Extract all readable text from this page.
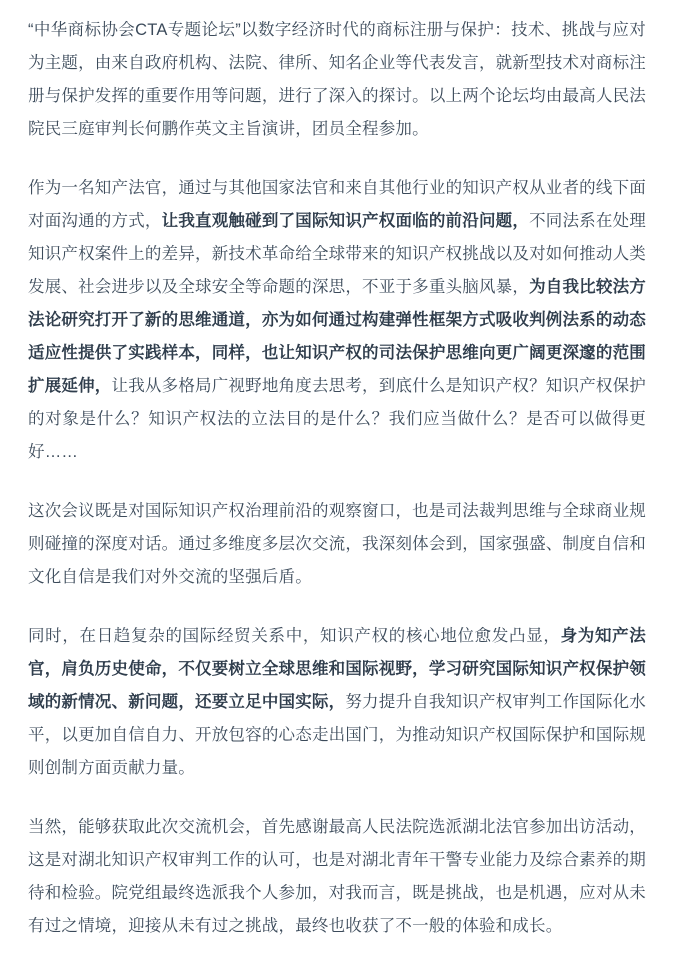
“中华商标协会CTA专题论坛”以数字经济时代的商标注册与保护：技术、挑战与应对为主题，由来自政府机构、法院、律所、知名企业等代表发言，就新型技术对商标注册与保护发挥的重要作用等问题，进行了深入的探讨。以上两个论坛均由最高人民法院民三庭审判长何鹏作英文主旨演讲，团员全程参加。

作为一名知产法官，通过与其他国家法官和来自其他行业的知识产权从业者的线下面对面沟通的方式，让我直观触碰到了国际知识产权面临的前沿问题，不同法系在处理知识产权案件上的差异，新技术革命给全球带来的知识产权挑战以及对如何推动人类发展、社会进步以及全球安全等命题的深思，不亚于多重头脑风暴，为自我比较法方法论研究打开了新的思维通道，亦为如何通过构建弹性框架方式吸收判例法系的动态适应性提供了实践样本，同样，也让知识产权的司法保护思维向更广阔更深邃的范围扩展延伸，让我从多格局广视野地角度去思考，到底什么是知识产权？知识产权保护的对象是什么？知识产权法的立法目的是什么？我们应当做什么？是否可以做得更好……

这次会议既是对国际知识产权治理前沿的观察窗口，也是司法裁判思维与全球商业规则碰撞的深度对话。通过多维度多层次交流，我深刻体会到，国家强盛、制度自信和文化自信是我们对外交流的坚强后盾。

同时，在日趋复杂的国际经贸关系中，知识产权的核心地位愈发凸显，身为知产法官，肩负历史使命，不仅要树立全球思维和国际视野，学习研究国际知识产权保护领域的新情况、新问题，还要立足中国实际，努力提升自我知识产权审判工作国际化水平，以更加自信自力、开放包容的心态走出国门，为推动知识产权国际保护和国际规则创制方面贡献力量。

当然，能够获取此次交流机会，首先感谢最高人民法院选派湖北法官参加出访活动，这是对湖北知识产权审判工作的认可，也是对湖北青年干警专业能力及综合素养的期待和检验。院党组最终选派我个人参加，对我而言，既是挑战，也是机遇，应对从未有过之情境，迎接从未有过之挑战，最终也收获了不一般的体验和成长。
